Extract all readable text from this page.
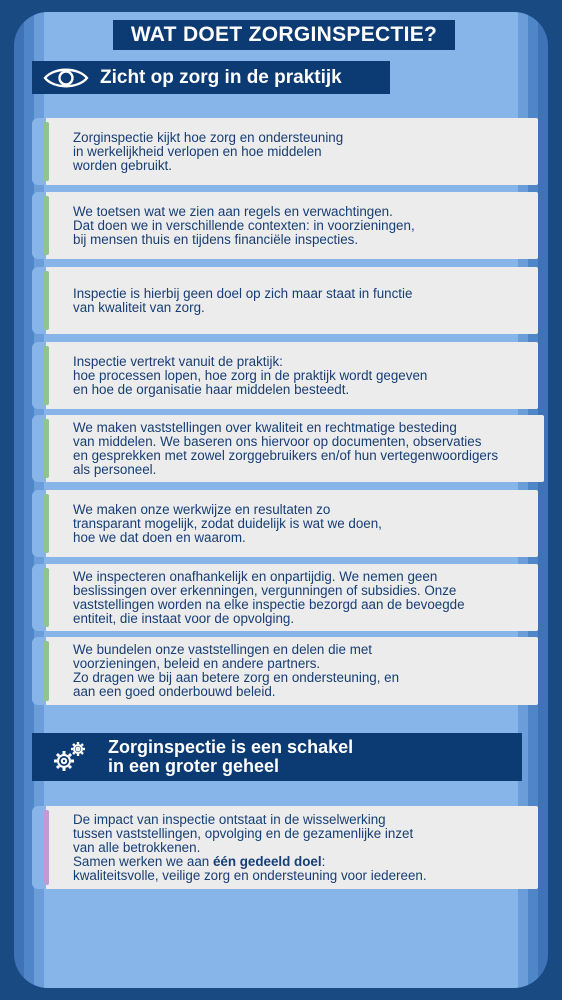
WAT DOET ZORGINSPECTIE?
Zicht op zorg in de praktijk
Zorginspectie kijkt hoe zorg en ondersteuning
in werkelijkheid verlopen en hoe middelen
worden gebruikt.
We toetsen wat we zien aan regels en verwachtingen.
Dat doen we in verschillende contexten: in voorzieningen,
bij mensen thuis en tijdens financiële inspecties.
Inspectie is hierbij geen doel op zich maar staat in functie
van kwaliteit van zorg.
Inspectie vertrekt vanuit de praktijk:
hoe processen lopen, hoe zorg in de praktijk wordt gegeven
en hoe de organisatie haar middelen besteedt.
We maken vaststellingen over kwaliteit en rechtmatige besteding
van middelen. We baseren ons hiervoor op documenten, observaties
en gesprekken met zowel zorggebruikers en/of hun vertegenwoordigers
als personeel.
We maken onze werkwijze en resultaten zo
transparant mogelijk, zodat duidelijk is wat we doen,
hoe we dat doen en waarom.
We inspecteren onafhankelijk en onpartijdig. We nemen geen
beslissingen over erkenningen, vergunningen of subsidies. Onze
vaststellingen worden na elke inspectie bezorgd aan de bevoegde
entiteit, die instaat voor de opvolging.
We bundelen onze vaststellingen en delen die met
voorzieningen, beleid en andere partners.
Zo dragen we bij aan betere zorg en ondersteuning, en
aan een goed onderbouwd beleid.
Zorginspectie is een schakel
in een groter geheel
De impact van inspectie ontstaat in de wisselwerking
tussen vaststellingen, opvolging en de gezamenlijke inzet
van alle betrokkenen.
Samen werken we aan één gedeeld doel:
kwaliteitsvolle, veilige zorg en ondersteuning voor iedereen.
